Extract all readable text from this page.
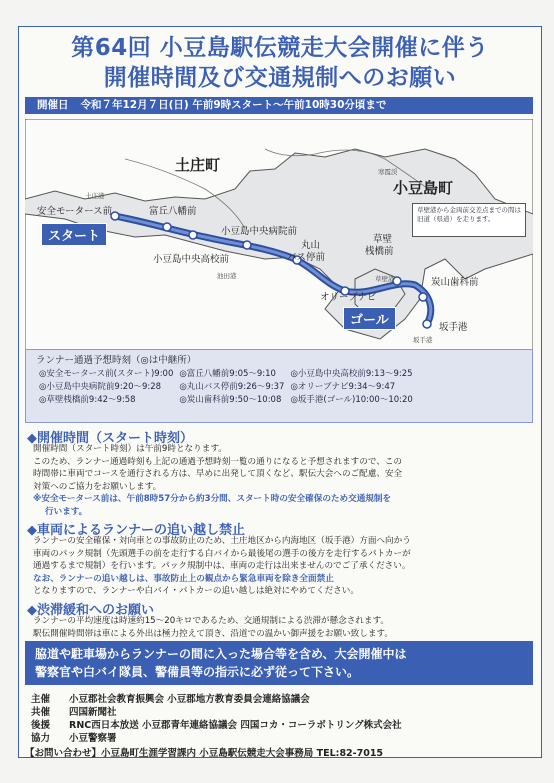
第64回 小豆島駅伝競走大会開催に伴う
開催時間及び交通規制へのお願い
開催日 令和７年12月７日(日) 午前9時スタート～午前10時30分頃まで
土庄町
小豆島町
寒霞渓
土庄港
池田港	草壁港
坂手港
安全モータース前	富丘八幡前
小豆島中央病院前
小豆島中央高校前
丸山
バス停前
草壁
桟橋前
オリーブナビ
炭山歯科前
坂手港
スタート
ゴール
草壁港から金両前交差点までの間は旧道（県道）を走ります。
ランナー通過予想時刻（◎は中継所）
◎安全モータース前(スタート)9:00	◎富丘八幡前9:05～9:10	◎小豆島中央高校前9:13～9:25
◎小豆島中央病院前9:20～9:28	◎丸山バス停前9:26～9:37	◎オリーブナビ9:34～9:47
◎草壁桟橋前9:42～9:58	◎炭山歯科前9:50～10:08	◎坂手港(ゴール)10:00～10:20
◆開催時間（スタート時刻）
開催時間（スタート時刻）は午前9時となります。
このため、ランナー通過時刻も上記の通過予想時刻一覧の通りになると予想されますので、この
時間帯に車両でコースを通行される方は、早めに出発して頂くなど、駅伝大会へのご配慮、安全
対策へのご協力をお願いします。
※安全モータース前は、午前8時57分から約3分間、スタート時の安全確保のため交通規制を
行います。
◆車両によるランナーの追い越し禁止
ランナーの安全確保・対向車との事故防止のため、土庄地区から内海地区（坂手港）方面へ向かう
車両のパック規制（先頭選手の前を走行する白バイから最後尾の選手の後方を走行するパトカーが
通過するまで規制）を行います。パック規制中は、車両の走行は出来ませんのでご了承ください。
なお、ランナーの追い越しは、事故防止上の観点から緊急車両を除き全面禁止
となりますので、ランナーや白バイ・パトカーの追い越しは絶対にやめてください。
◆渋滞緩和へのお願い
ランナーの平均速度は時速約15～20キロであるため、交通規制による渋滞が懸念されます。
駅伝開催時間帯は車による外出は極力控えて頂き、沿道での温かい御声援をお願い致します。
脇道や駐車場からランナーの間に入った場合等を含め、大会開催中は
警察官や白バイ隊員、警備員等の指示に必ず従って下さい。
主催 小豆郡社会教育振興会 小豆郡地方教育委員会連絡協議会
共催 四国新聞社
後援 RNC西日本放送 小豆郡青年連絡協議会 四国コカ・コーラボトリング株式会社
協力 小豆警察署
【お問い合わせ】小豆島町生涯学習課内 小豆島駅伝競走大会事務局 TEL:82-7015
